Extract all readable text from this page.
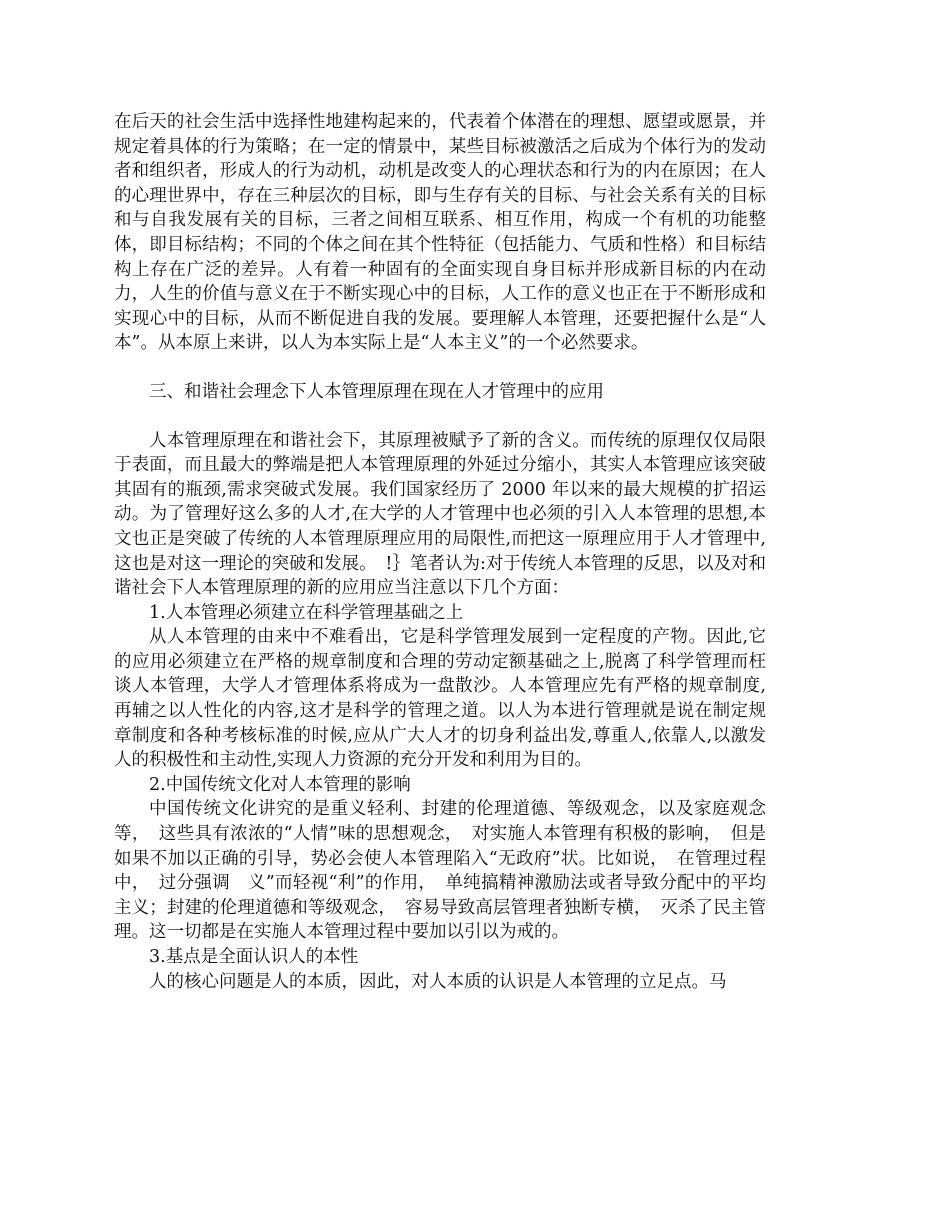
在后天的社会生活中选择性地建构起来的，代表着个体潜在的理想、愿望或愿景，并规定着具体的行为策略；在一定的情景中，某些目标被激活之后成为个体行为的发动者和组织者，形成人的行为动机，动机是改变人的心理状态和行为的内在原因；在人的心理世界中，存在三种层次的目标，即与生存有关的目标、与社会关系有关的目标和与自我发展有关的目标，三者之间相互联系、相互作用，构成一个有机的功能整体，即目标结构；不同的个体之间在其个性特征（包括能力、气质和性格）和目标结构上存在广泛的差异。人有着一种固有的全面实现自身目标并形成新目标的内在动力，人生的价值与意义在于不断实现心中的目标，人工作的意义也正在于不断形成和实现心中的目标，从而不断促进自我的发展。要理解人本管理，还要把握什么是“人本”。从本原上来讲，以人为本实际上是“人本主义”的一个必然要求。

三、和谐社会理念下人本管理原理在现在人才管理中的应用

人本管理原理在和谐社会下，其原理被赋予了新的含义。而传统的原理仅仅局限于表面，而且最大的弊端是把人本管理原理的外延过分缩小，其实人本管理应该突破其固有的瓶颈,需求突破式发展。我们国家经历了 2000 年以来的最大规模的扩招运动。为了管理好这么多的人才,在大学的人才管理中也必须的引入人本管理的思想,本文也正是突破了传统的人本管理原理应用的局限性,而把这一原理应用于人才管理中,这也是对这一理论的突破和发展。　!｝笔者认为:对于传统人本管理的反思，以及对和谐社会下人本管理原理的新的应用应当注意以下几个方面：

1.人本管理必须建立在科学管理基础之上

从人本管理的由来中不难看出，它是科学管理发展到一定程度的产物。因此,它的应用必须建立在严格的规章制度和合理的劳动定额基础之上,脱离了科学管理而枉谈人本管理，大学人才管理体系将成为一盘散沙。人本管理应先有严格的规章制度,再辅之以人性化的内容,这才是科学的管理之道。以人为本进行管理就是说在制定规章制度和各种考核标准的时候,应从广大人才的切身利益出发,尊重人,依靠人,以激发人的积极性和主动性,实现人力资源的充分开发和利用为目的。

2.中国传统文化对人本管理的影响

中国传统文化讲究的是重义轻利、封建的伦理道德、等级观念，以及家庭观念等，　这些具有浓浓的“人情”味的思想观念，　对实施人本管理有积极的影响，　但是如果不加以正确的引导，势必会使人本管理陷入“无政府”状。比如说，　在管理过程中，　过分强调　义”而轻视“利”的作用，　单纯搞精神激励法或者导致分配中的平均主义；封建的伦理道德和等级观念，　容易导致高层管理者独断专横，　灭杀了民主管理。这一切都是在实施人本管理过程中要加以引以为戒的。

3.基点是全面认识人的本性

人的核心问题是人的本质，因此，对人本质的认识是人本管理的立足点。马
